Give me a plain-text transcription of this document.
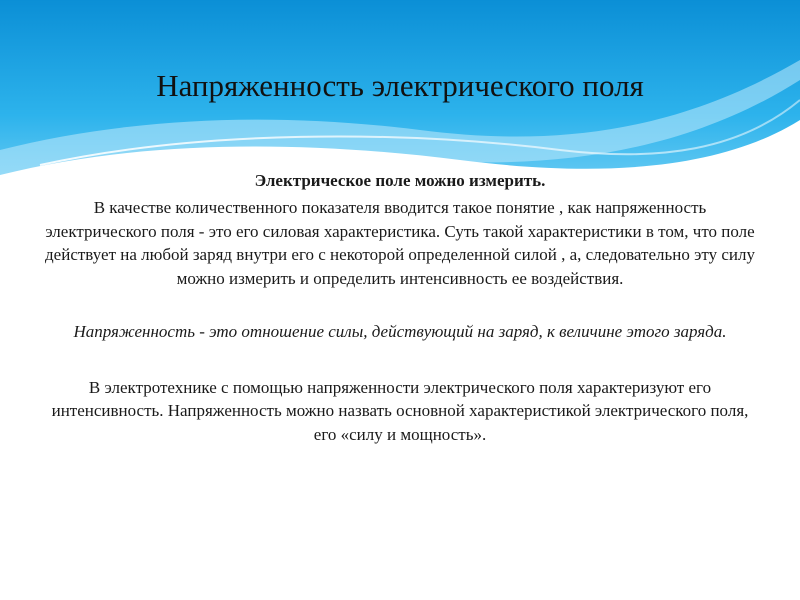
Напряженность электрического поля

Электрическое поле можно измерить.

В качестве количественного показателя вводится такое понятие , как напряженность электрического поля - это его силовая характеристика. Суть такой характеристики в том, что поле действует на любой заряд внутри его с некоторой определенной силой , а, следовательно эту силу можно измерить и определить интенсивность ее воздействия.

Напряженность - это отношение силы, действующий на заряд, к величине этого заряда.

В электротехнике с помощью напряженности электрического поля характеризуют его интенсивность. Напряженность можно назвать основной характеристикой электрического поля, его «силу и мощность».
